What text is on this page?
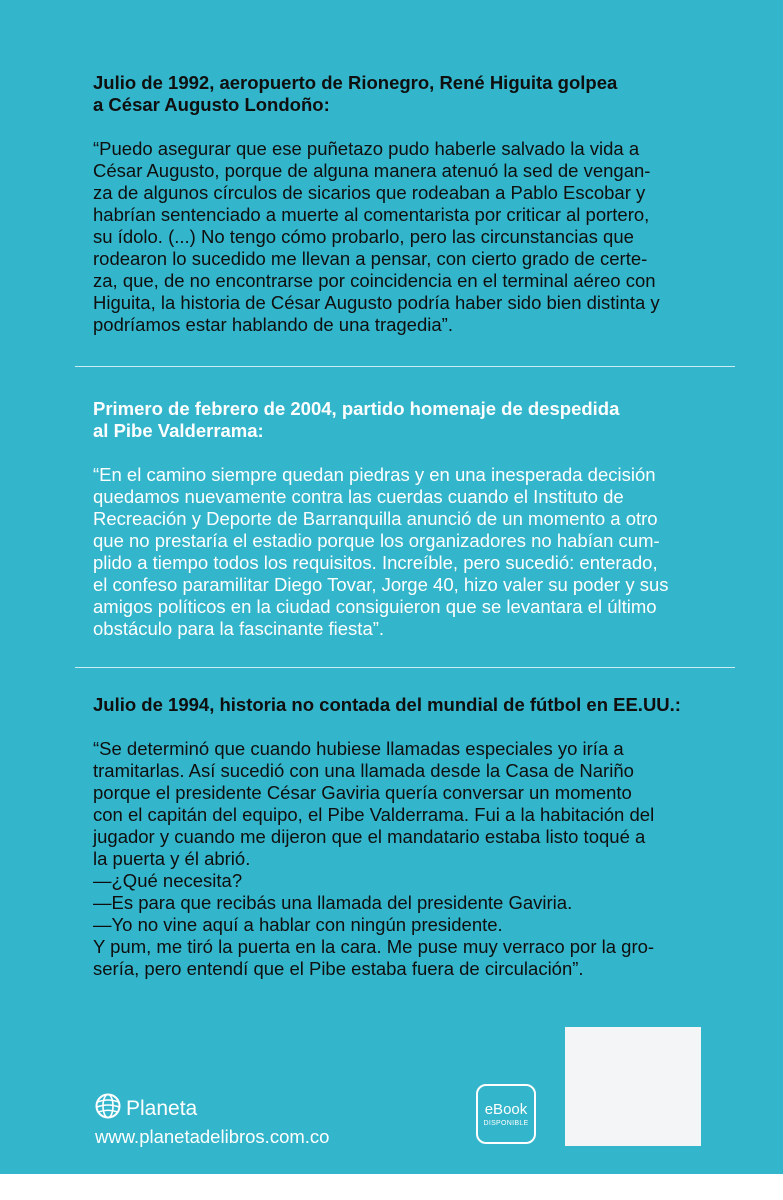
Julio de 1992, aeropuerto de Rionegro, René Higuita golpea
a César Augusto Londoño:

“Puedo asegurar que ese puñetazo pudo haberle salvado la vida a
César Augusto, porque de alguna manera atenuó la sed de vengan-
za de algunos círculos de sicarios que rodeaban a Pablo Escobar y
habrían sentenciado a muerte al comentarista por criticar al portero,
su ídolo. (...) No tengo cómo probarlo, pero las circunstancias que
rodearon lo sucedido me llevan a pensar, con cierto grado de certe-
za, que, de no encontrarse por coincidencia en el terminal aéreo con
Higuita, la historia de César Augusto podría haber sido bien distinta y
podríamos estar hablando de una tragedia”.

Primero de febrero de 2004, partido homenaje de despedida
al Pibe Valderrama:

“En el camino siempre quedan piedras y en una inesperada decisión
quedamos nuevamente contra las cuerdas cuando el Instituto de
Recreación y Deporte de Barranquilla anunció de un momento a otro
que no prestaría el estadio porque los organizadores no habían cum-
plido a tiempo todos los requisitos. Increíble, pero sucedió: enterado,
el confeso paramilitar Diego Tovar, Jorge 40, hizo valer su poder y sus
amigos políticos en la ciudad consiguieron que se levantara el último
obstáculo para la fascinante fiesta”.

Julio de 1994, historia no contada del mundial de fútbol en EE.UU.:

“Se determinó que cuando hubiese llamadas especiales yo iría a
tramitarlas. Así sucedió con una llamada desde la Casa de Nariño
porque el presidente César Gaviria quería conversar un momento
con el capitán del equipo, el Pibe Valderrama. Fui a la habitación del
jugador y cuando me dijeron que el mandatario estaba listo toqué a
la puerta y él abrió.
—¿Qué necesita?
—Es para que recibás una llamada del presidente Gaviria.
—Yo no vine aquí a hablar con ningún presidente.
Y pum, me tiró la puerta en la cara. Me puse muy verraco por la gro-
sería, pero entendí que el Pibe estaba fuera de circulación”.

Planeta
www.planetadelibros.com.co
eBook
DISPONIBLE
